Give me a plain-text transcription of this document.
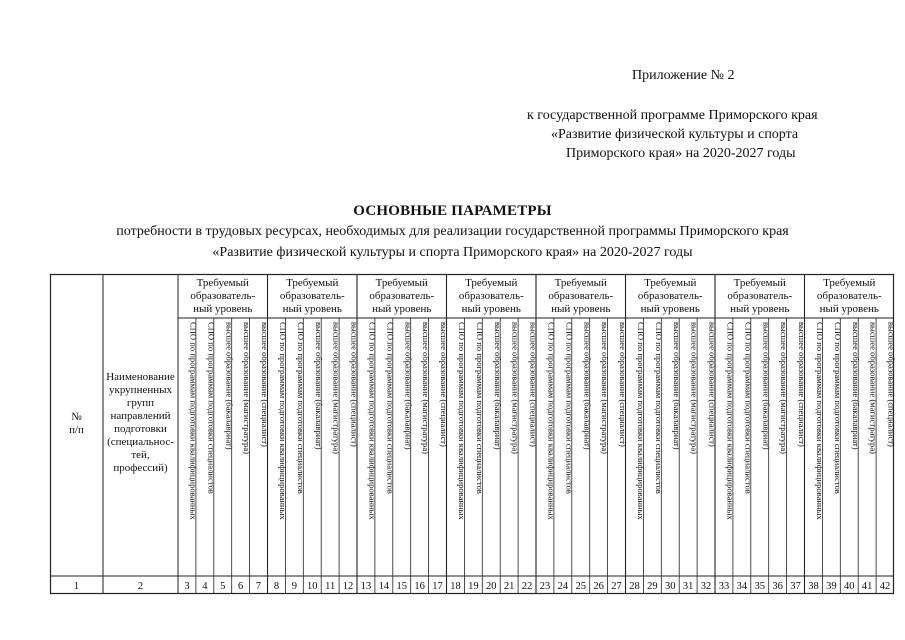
Приложение № 2
к государственной программе Приморского края
«Развитие физической культуры и спорта
Приморского края» на 2020-2027 годы
ОСНОВНЫЕ ПАРАМЕТРЫ
потребности в трудовых ресурсах, необходимых для реализации государственной программы Приморского края
«Развитие физической культуры и спорта Приморского края» на 2020-2027 годы
№
п/п
Наименование
укрупненных
групп
направлений
подготовки
(специальнос-
тей,
профессий)
Требуемый
образователь-
ный уровень
СПО по программам подготовки квалифицированных СПО по программам подготовки специалистов высшее образование (бакалавриат) высшее образование (магистратура) высшее образование (специалист)
Требуемый
образователь-
ный уровень
СПО по программам подготовки квалифицированных СПО по программам подготовки специалистов высшее образование (бакалавриат) высшее образование (магистратура) высшее образование (специалист)
Требуемый
образователь-
ный уровень
СПО по программам подготовки квалифицированных СПО по программам подготовки специалистов высшее образование (бакалавриат) высшее образование (магистратура) высшее образование (специалист)
Требуемый
образователь-
ный уровень
СПО по программам подготовки квалифицированных СПО по программам подготовки специалистов высшее образование (бакалавриат) высшее образование (магистратура) высшее образование (специалист)
Требуемый
образователь-
ный уровень
СПО по программам подготовки квалифицированных СПО по программам подготовки специалистов высшее образование (бакалавриат) высшее образование (магистратура) высшее образование (специалист)
Требуемый
образователь-
ный уровень
СПО по программам подготовки квалифицированных СПО по программам подготовки специалистов высшее образование (бакалавриат) высшее образование (магистратура) высшее образование (специалист)
Требуемый
образователь-
ный уровень
СПО по программам подготовки квалифицированных СПО по программам подготовки специалистов высшее образование (бакалавриат) высшее образование (магистратура) высшее образование (специалист)
Требуемый
образователь-
ный уровень
СПО по программам подготовки квалифицированных СПО по программам подготовки специалистов высшее образование (бакалавриат) высшее образование (магистратура) высшее образование (специалист)
1	2	3 4 5 6 7 8 9 10 11 12 13 14 15 16 17 18 19 20 21 22 23 24 25 26 27 28 29 30 31 32 33 34 35 36 37 38 39 40 41 42
